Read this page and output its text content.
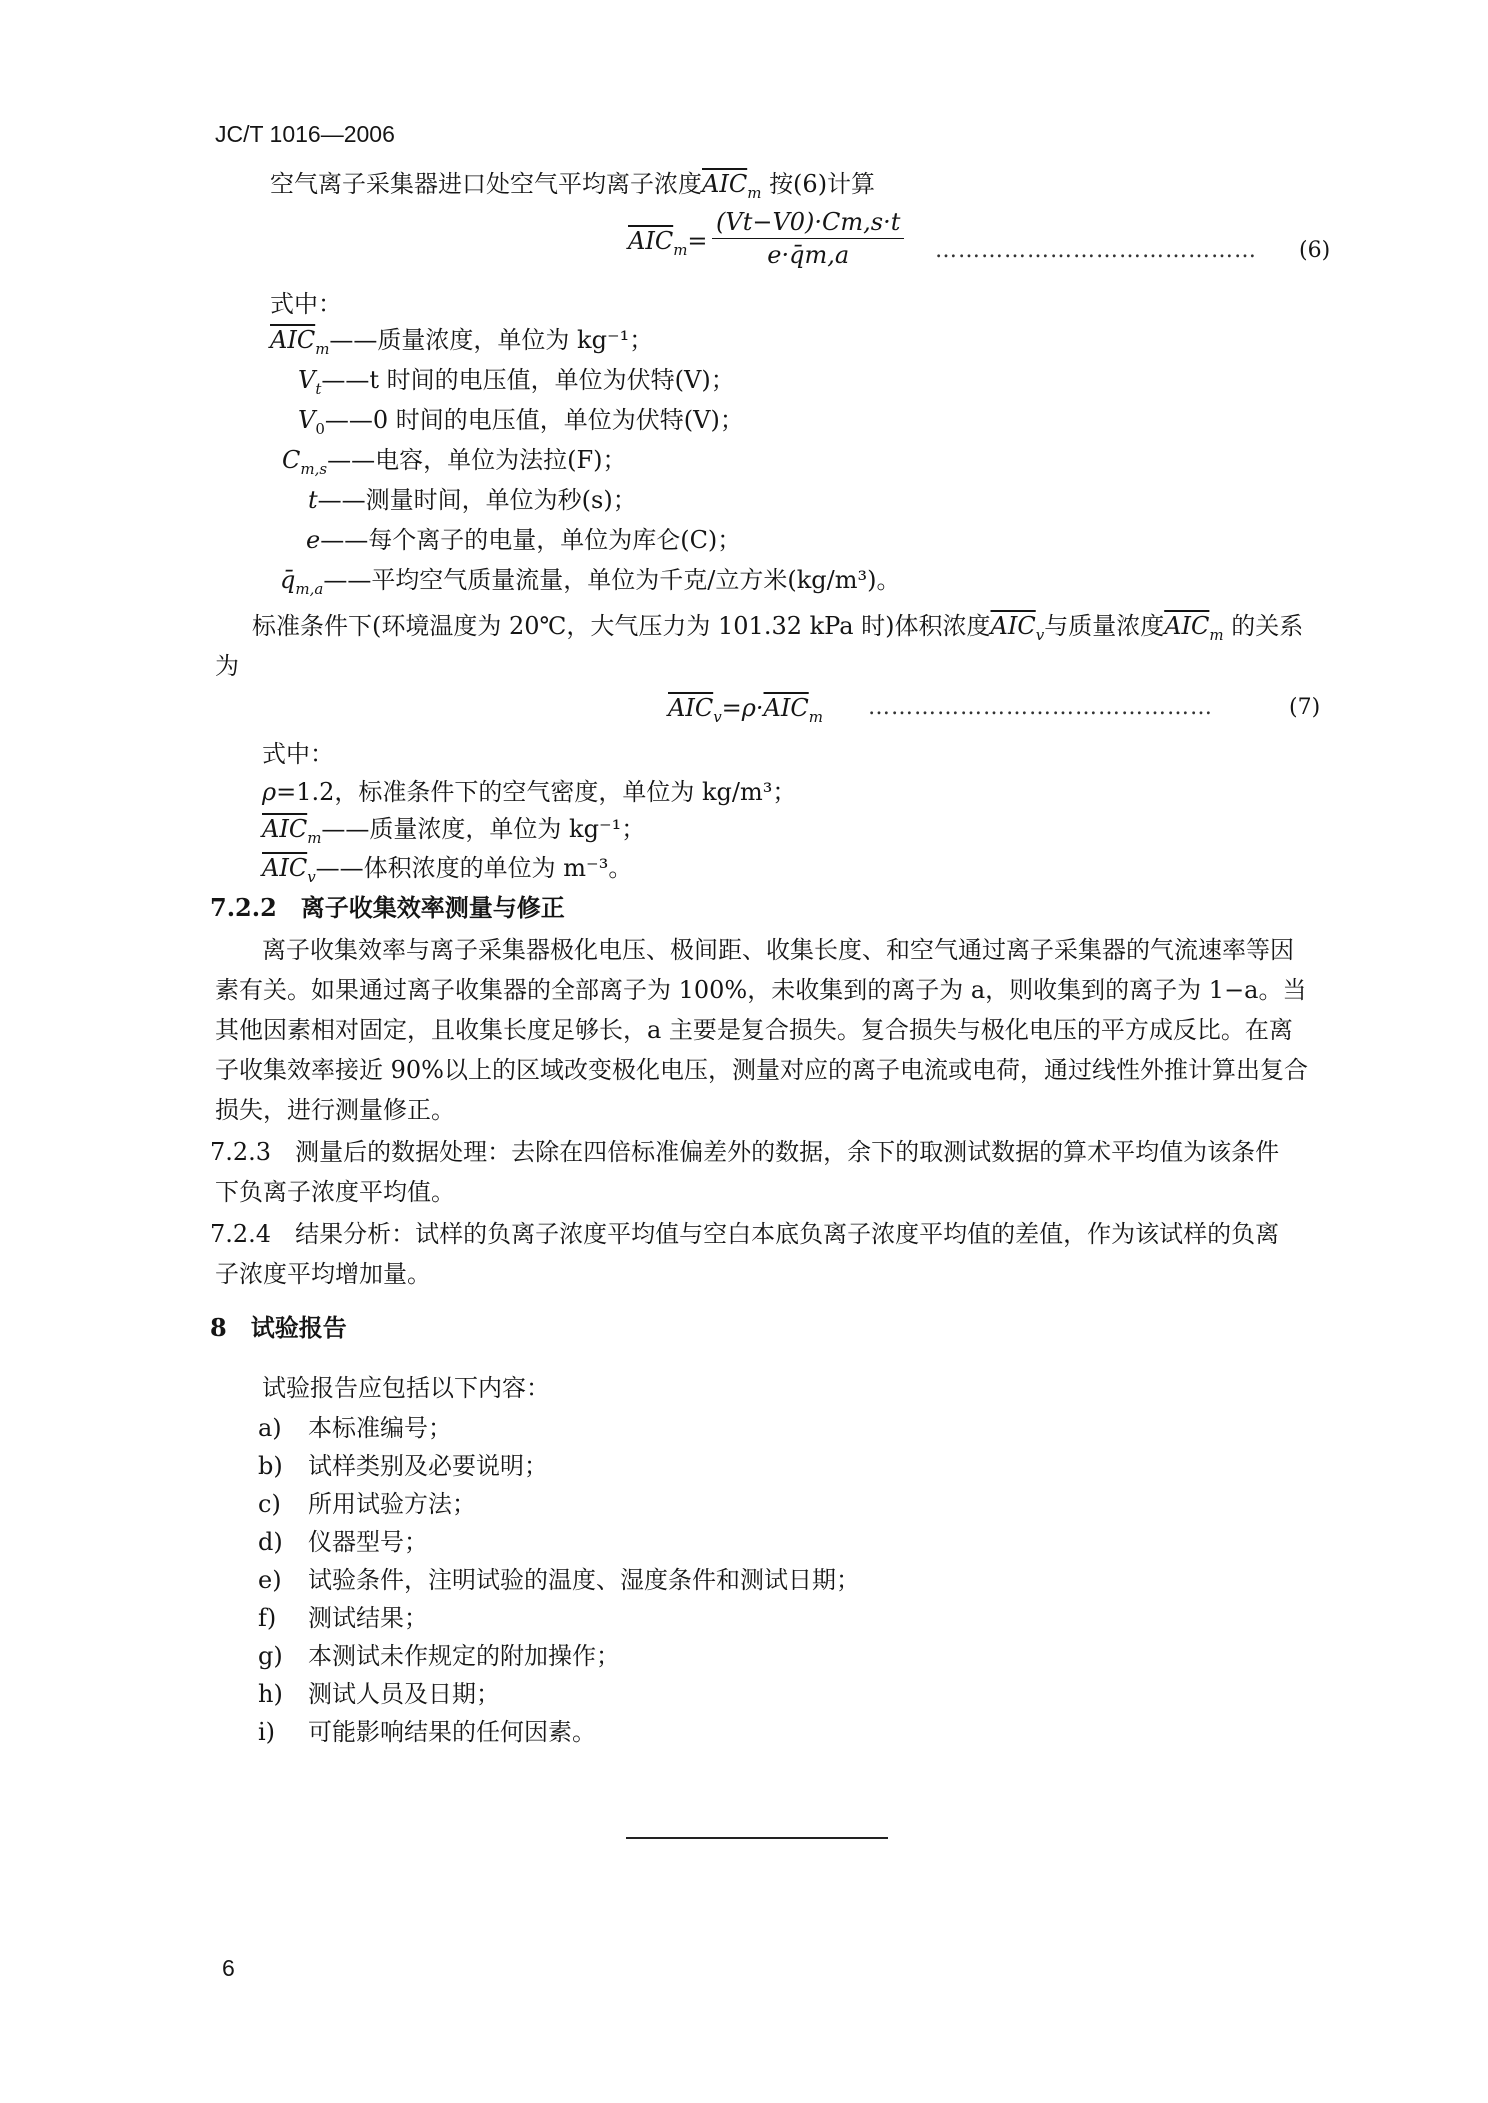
JC/T 1016—2006
空气离子采集器进口处空气平均离子浓度$\overline{AIC}_m$ 按(6)计算
$\overline{AIC}_m= \frac{(Vt-V0)\cdot Cm,s\cdot t}{e\cdot q̄m,a}$ …………………………………… (6)
式中：
$\overline{AIC}_m——$质量浓度，单位为 kg⁻¹；
$V_t——t$ 时间的电压值，单位为伏特(V)；
$V_0——0$ 时间的电压值，单位为伏特(V)；
$C_{m,s}——$电容，单位为法拉(F)；
t——测量时间，单位为秒(s)；
e——每个离子的电量，单位为库仑(C)；
$q̄_{m,a}——$平均空气质量流量，单位为千克/立方米(kg/m³)。
标准条件下(环境温度为 20℃，大气压力为 101.32 kPa 时)体积浓度$\overline{AIC}_v$与质量浓度$\overline{AIC}_m$ 的关系
为
$\overline{AIC}_v=\rho\cdot\overline{AIC}_m$ ………………………………………	(7)
式中：
ρ=1.2，标准条件下的空气密度，单位为 kg/m³；
$\overline{AIC}_m——$质量浓度，单位为 kg⁻¹；
$\overline{AIC}_v——$体积浓度的单位为 m⁻³。
7.2.2　离子收集效率测量与修正
离子收集效率与离子采集器极化电压、极间距、收集长度、和空气通过离子采集器的气流速率等因
素有关。如果通过离子收集器的全部离子为 100%，未收集到的离子为 a，则收集到的离子为 1−a。当
其他因素相对固定，且收集长度足够长，a 主要是复合损失。复合损失与极化电压的平方成反比。在离
子收集效率接近 90%以上的区域改变极化电压，测量对应的离子电流或电荷，通过线性外推计算出复合
损失，进行测量修正。
7.2.3　测量后的数据处理：去除在四倍标准偏差外的数据，余下的取测试数据的算术平均值为该条件
下负离子浓度平均值。
7.2.4　结果分析：试样的负离子浓度平均值与空白本底负离子浓度平均值的差值，作为该试样的负离
子浓度平均增加量。
8　试验报告
试验报告应包括以下内容：
a) 本标准编号；
b) 试样类别及必要说明；
c) 所用试验方法；
d) 仪器型号；
e) 试验条件，注明试验的温度、湿度条件和测试日期；
f) 测试结果；
g) 本测试未作规定的附加操作；
h) 测试人员及日期；
i) 可能影响结果的任何因素。
6
